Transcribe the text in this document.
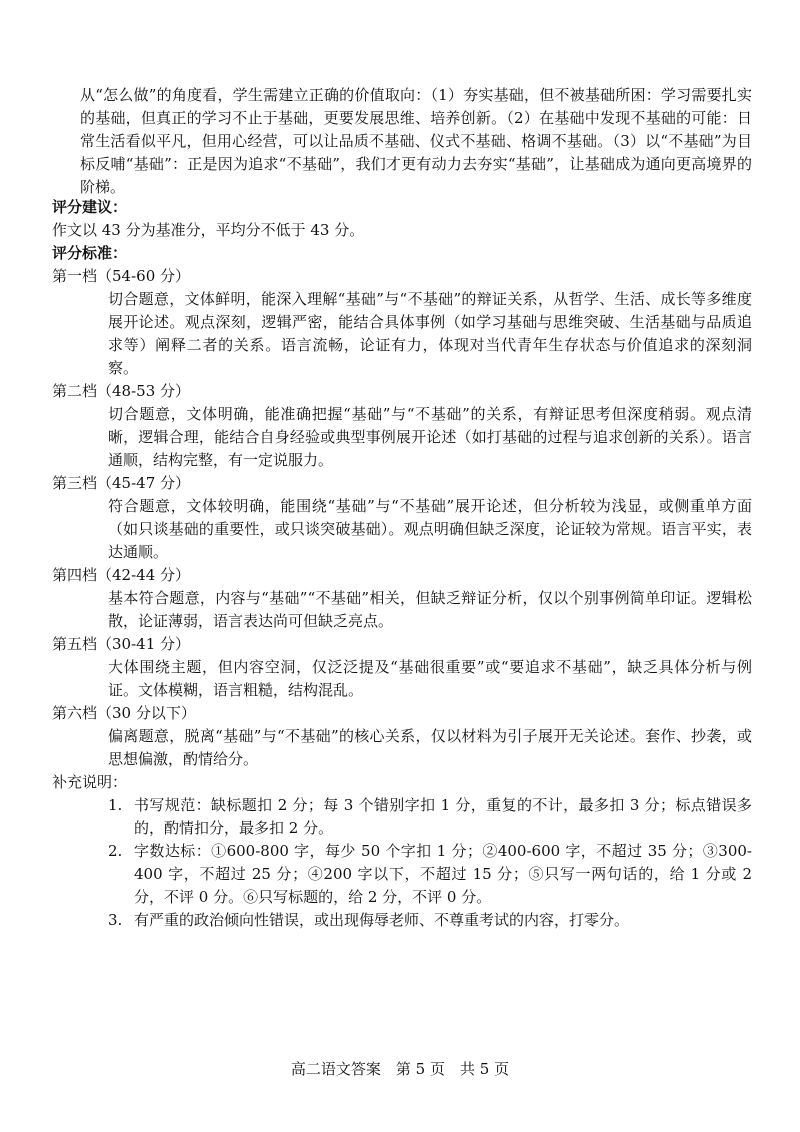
从“怎么做”的角度看，学生需建立正确的价值取向：（1）夯实基础，但不被基础所困：学习需要扎实的基础，但真正的学习不止于基础，更要发展思维、培养创新。（2）在基础中发现不基础的可能：日常生活看似平凡，但用心经营，可以让品质不基础、仪式不基础、格调不基础。（3）以“不基础”为目标反哺“基础”：正是因为追求“不基础”，我们才更有动力去夯实“基础”，让基础成为通向更高境界的阶梯。
评分建议：
作文以 43 分为基准分，平均分不低于 43 分。
评分标准：
第一档（54-60 分）
切合题意，文体鲜明，能深入理解“基础”与“不基础”的辩证关系，从哲学、生活、成长等多维度展开论述。观点深刻，逻辑严密，能结合具体事例（如学习基础与思维突破、生活基础与品质追求等）阐释二者的关系。语言流畅，论证有力，体现对当代青年生存状态与价值追求的深刻洞察。
第二档（48-53 分）
切合题意，文体明确，能准确把握“基础”与“不基础”的关系，有辩证思考但深度稍弱。观点清晰，逻辑合理，能结合自身经验或典型事例展开论述（如打基础的过程与追求创新的关系）。语言通顺，结构完整，有一定说服力。
第三档（45-47 分）
符合题意，文体较明确，能围绕“基础”与“不基础”展开论述，但分析较为浅显，或侧重单方面（如只谈基础的重要性，或只谈突破基础）。观点明确但缺乏深度，论证较为常规。语言平实，表达通顺。
第四档（42-44 分）
基本符合题意，内容与“基础”“不基础”相关，但缺乏辩证分析，仅以个别事例简单印证。逻辑松散，论证薄弱，语言表达尚可但缺乏亮点。
第五档（30-41 分）
大体围绕主题，但内容空洞，仅泛泛提及“基础很重要”或“要追求不基础”，缺乏具体分析与例证。文体模糊，语言粗糙，结构混乱。
第六档（30 分以下）
偏离题意，脱离“基础”与“不基础”的核心关系，仅以材料为引子展开无关论述。套作、抄袭，或思想偏激，酌情给分。
补充说明：
1. 书写规范：缺标题扣 2 分；每 3 个错别字扣 1 分，重复的不计，最多扣 3 分；标点错误多的，酌情扣分，最多扣 2 分。
2. 字数达标：①600-800 字，每少 50 个字扣 1 分；②400-600 字，不超过 35 分；③300-400 字，不超过 25 分；④200 字以下，不超过 15 分；⑤只写一两句话的，给 1 分或 2 分，不评 0 分。⑥只写标题的，给 2 分，不评 0 分。
3. 有严重的政治倾向性错误，或出现侮辱老师、不尊重考试的内容，打零分。
高二语文答案　第 5 页　共 5 页
